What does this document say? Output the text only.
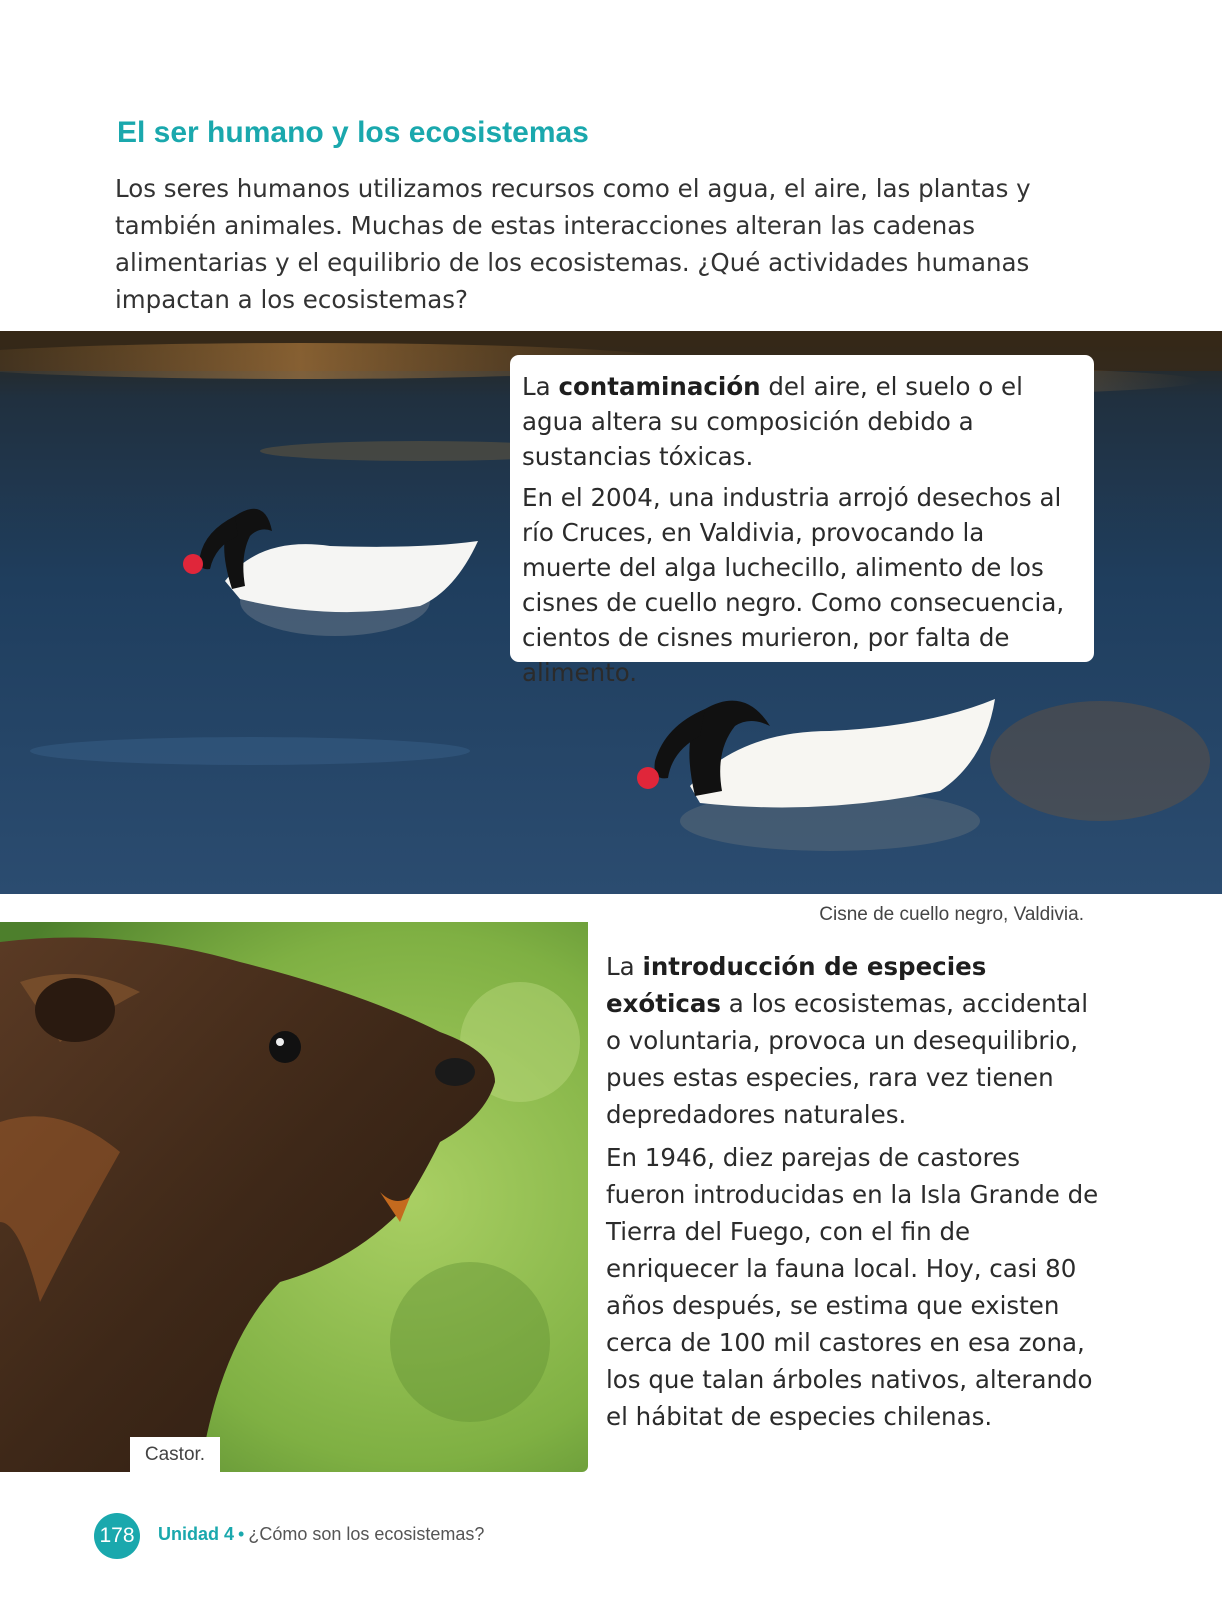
El ser humano y los ecosistemas

Los seres humanos utilizamos recursos como el agua, el aire, las plantas y también animales. Muchas de estas interacciones alteran las cadenas alimentarias y el equilibrio de los ecosistemas. ¿Qué actividades humanas impactan a los ecosistemas?

La contaminación del aire, el suelo o el agua altera su composición debido a sustancias tóxicas.

En el 2004, una industria arrojó desechos al río Cruces, en Valdivia, provocando la muerte del alga luchecillo, alimento de los cisnes de cuello negro. Como consecuencia, cientos de cisnes murieron, por falta de alimento.

Cisne de cuello negro, Valdivia.
Castor.

La introducción de especies exóticas a los ecosistemas, accidental o voluntaria, provoca un desequilibrio, pues estas especies, rara vez tienen depredadores naturales.

En 1946, diez parejas de castores fueron introducidas en la Isla Grande de Tierra del Fuego, con el fin de enriquecer la fauna local. Hoy, casi 80 años después, se estima que existen cerca de 100 mil castores en esa zona, los que talan árboles nativos, alterando el hábitat de especies chilenas.

178	Unidad 4 • ¿Cómo son los ecosistemas?
